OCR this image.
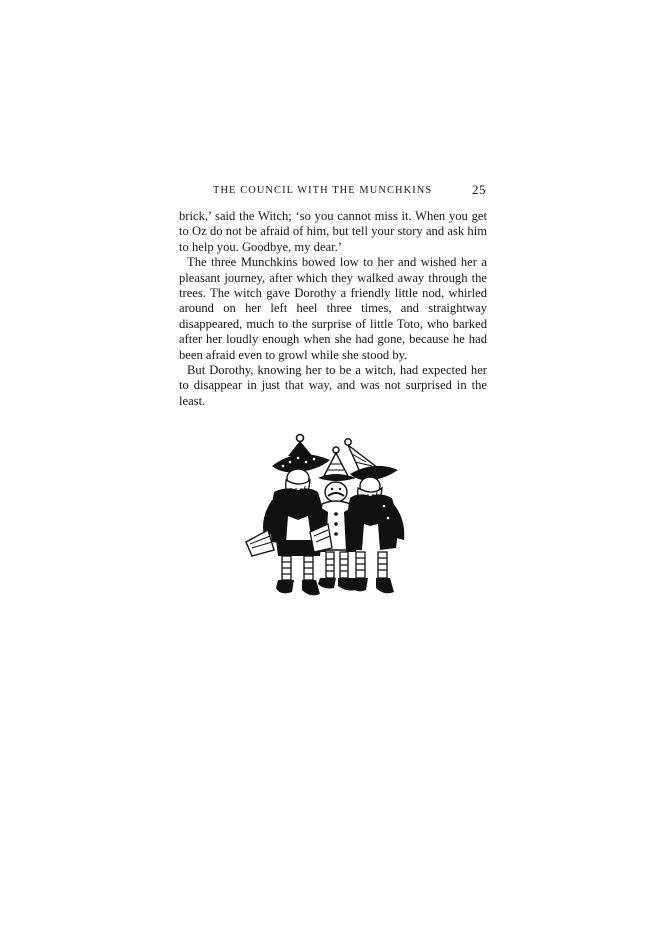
THE COUNCIL WITH THE MUNCHKINS	25

brick,’ said the Witch; ‘so you cannot miss it. When you get to Oz do not be afraid of him, but tell your story and ask him to help you. Goodbye, my dear.’

The three Munchkins bowed low to her and wished her a pleasant journey, after which they walked away through the trees. The witch gave Dorothy a friendly little nod, whirled around on her left heel three times, and straightway disappeared, much to the surprise of little Toto, who barked after her loudly enough when she had gone, because he had been afraid even to growl while she stood by.

But Dorothy, knowing her to be a witch, had expected her to disappear in just that way, and was not surprised in the least.
